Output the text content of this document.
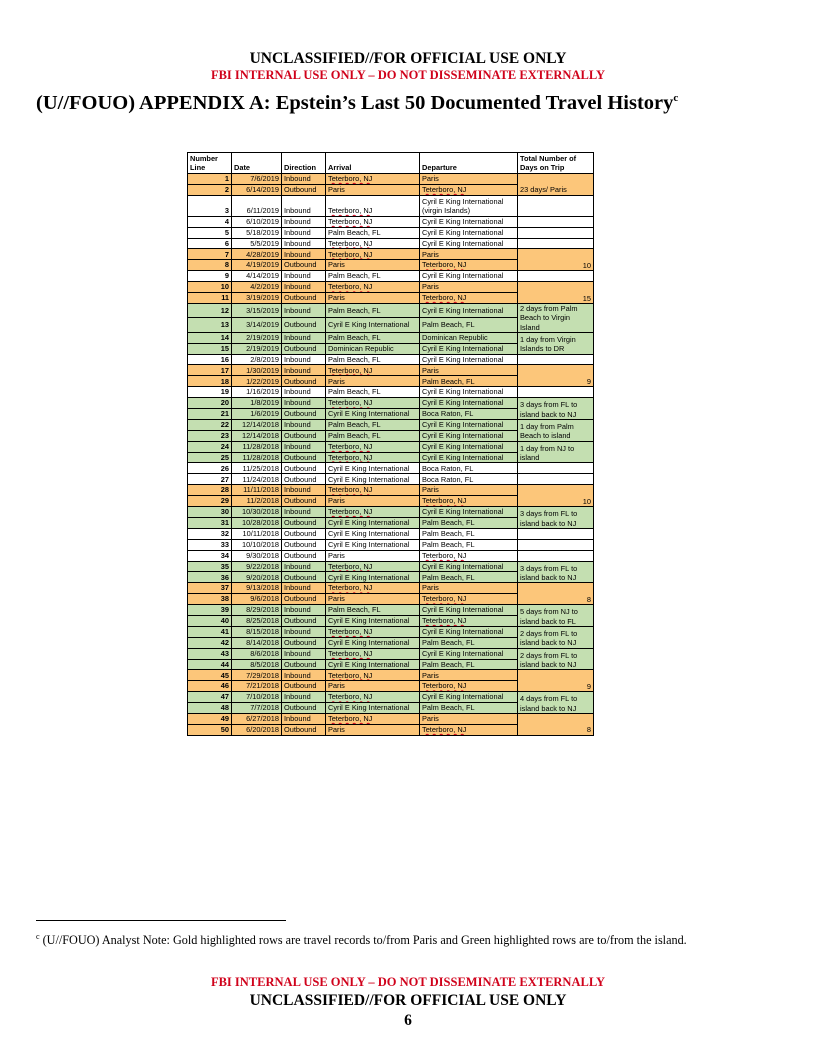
UNCLASSIFIED//FOR OFFICIAL USE ONLY
FBI INTERNAL USE ONLY – DO NOT DISSEMINATE EXTERNALLY
(U//FOUO) APPENDIX A: Epstein’s Last 50 Documented Travel History$^c$
Number Line	Date	Direction	Arrival	Departure	Total Number of Days on Trip
1	7/6/2019	Inbound	Teterboro, NJ	Paris	23 days/ Paris
2	6/14/2019	Outbound	Paris	Teterboro, NJ	
3	6/11/2019	Inbound	Teterboro, NJ	Cyril E King International (virgin Islands)	
4	6/10/2019	Inbound	Teterboro, NJ	Cyril E King International	
5	5/18/2019	Inbound	Palm Beach, FL	Cyril E King International	
6	5/5/2019	Inbound	Teterboro, NJ	Cyril E King International	
7	4/28/2019	Inbound	Teterboro, NJ	Paris	10
8	4/19/2019	Outbound	Paris	Teterboro, NJ	
9	4/14/2019	Inbound	Palm Beach, FL	Cyril E King International	
10	4/2/2019	Inbound	Teterboro, NJ	Paris	15
11	3/19/2019	Outbound	Paris	Teterboro, NJ	
12	3/15/2019	Inbound	Palm Beach, FL	Cyril E King International	2 days from Palm Beach to Virgin Island
13	3/14/2019	Outbound	Cyril E King International	Palm Beach, FL	
14	2/19/2019	Inbound	Palm Beach, FL	Dominican Republic	1 day from Virgin Islands to DR
15	2/19/2019	Outbound	Dominican Republic	Cyril E King International	
16	2/8/2019	Inbound	Palm Beach, FL	Cyril E King International	
17	1/30/2019	Inbound	Teterboro, NJ	Paris	9
18	1/22/2019	Outbound	Paris	Palm Beach, FL	
19	1/16/2019	Inbound	Palm Beach, FL	Cyril E King International	
20	1/8/2019	Inbound	Teterboro, NJ	Cyril E King International	3 days from FL to island back to NJ
21	1/6/2019	Outbound	Cyril E King International	Boca Raton, FL	
22	12/14/2018	Inbound	Palm Beach, FL	Cyril E King International	1 day from Palm Beach to island
23	12/14/2018	Outbound	Palm Beach, FL	Cyril E King International	
24	11/28/2018	Inbound	Teterboro, NJ	Cyril E King International	1 day from NJ to island
25	11/28/2018	Outbound	Teterboro, NJ	Cyril E King International	
26	11/25/2018	Outbound	Cyril E King International	Boca Raton, FL	
27	11/24/2018	Outbound	Cyril E King International	Boca Raton, FL	
28	11/11/2018	Inbound	Teterboro, NJ	Paris	10
29	11/2/2018	Outbound	Paris	Teterboro, NJ	
30	10/30/2018	Inbound	Teterboro, NJ	Cyril E King International	3 days from FL to island back to NJ
31	10/28/2018	Outbound	Cyril E King International	Palm Beach, FL	
32	10/11/2018	Outbound	Cyril E King International	Palm Beach, FL	
33	10/10/2018	Outbound	Cyril E King International	Palm Beach, FL	
34	9/30/2018	Outbound	Paris	Teterboro, NJ	
35	9/22/2018	Inbound	Teterboro, NJ	Cyril E King International	3 days from FL to island back to NJ
36	9/20/2018	Outbound	Cyril E King International	Palm Beach, FL	
37	9/13/2018	Inbound	Teterboro, NJ	Paris	8
38	9/6/2018	Outbound	Paris	Teterboro, NJ	
39	8/29/2018	Inbound	Palm Beach, FL	Cyril E King International	5 days from NJ to island back to FL
40	8/25/2018	Outbound	Cyril E King International	Teterboro, NJ	
41	8/15/2018	Inbound	Teterboro, NJ	Cyril E King International	2 days from FL to island back to NJ
42	8/14/2018	Outbound	Cyril E King International	Palm Beach, FL	
43	8/6/2018	Inbound	Teterboro, NJ	Cyril E King International	2 days from FL to island back to NJ
44	8/5/2018	Outbound	Cyril E King International	Palm Beach, FL	
45	7/29/2018	Inbound	Teterboro, NJ	Paris	9
46	7/21/2018	Outbound	Paris	Teterboro, NJ	
47	7/10/2018	Inbound	Teterboro, NJ	Cyril E King International	4 days from FL to island back to NJ
48	7/7/2018	Outbound	Cyril E King International	Palm Beach, FL	
49	6/27/2018	Inbound	Teterboro, NJ	Paris	8
50	6/20/2018	Outbound	Paris	Teterboro, NJ	
$^c$ (U//FOUO) Analyst Note: Gold highlighted rows are travel records to/from Paris and Green highlighted rows are to/from the island.
FBI INTERNAL USE ONLY – DO NOT DISSEMINATE EXTERNALLY
UNCLASSIFIED//FOR OFFICIAL USE ONLY
6
